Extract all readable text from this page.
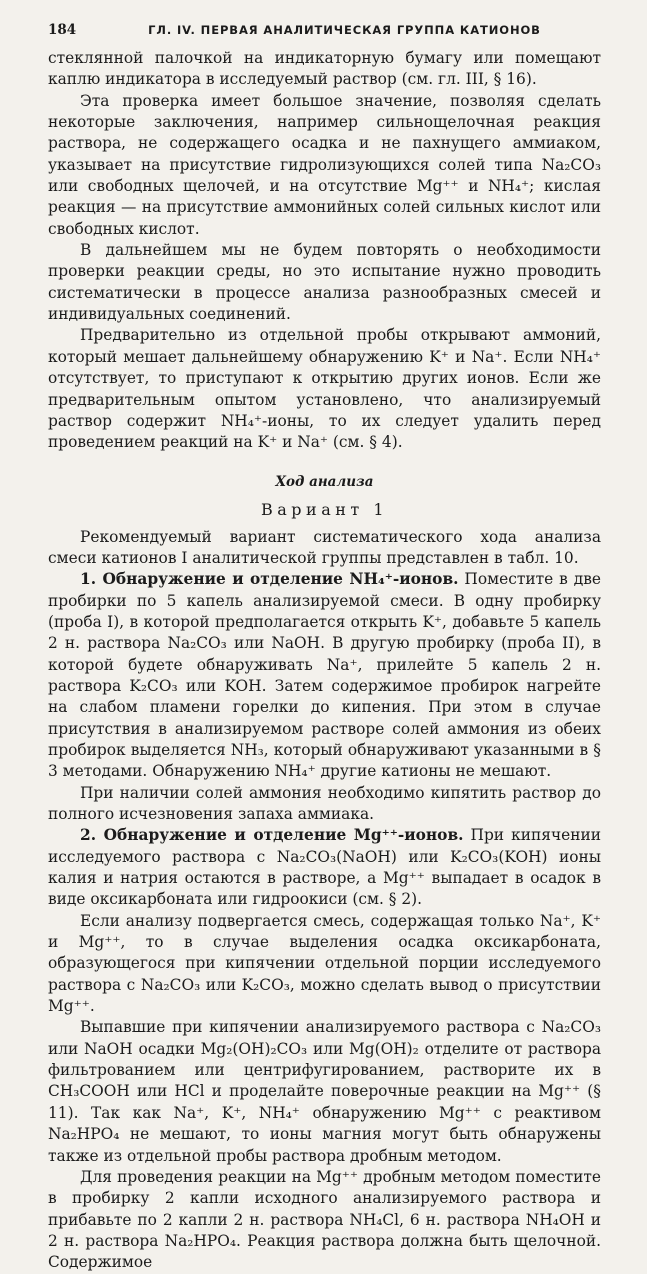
184	ГЛ. IV. ПЕРВАЯ АНАЛИТИЧЕСКАЯ ГРУППА КАТИОНОВ

стеклянной палочкой на индикаторную бумагу или помещают каплю индикатора в исследуемый раствор (см. гл. III, § 16).

Эта проверка имеет большое значение, позволяя сделать некоторые заключения, например сильнощелочная реакция раствора, не содержащего осадка и не пахнущего аммиаком, указывает на присутствие гидролизующихся солей типа Na₂CO₃ или свободных щелочей, и на отсутствие Mg⁺⁺ и NH₄⁺; кислая реакция — на присутствие аммонийных солей сильных кислот или свободных кислот.

В дальнейшем мы не будем повторять о необходимости проверки реакции среды, но это испытание нужно проводить систематически в процессе анализа разнообразных смесей и индивидуальных соединений.

Предварительно из отдельной пробы открывают аммоний, который мешает дальнейшему обнаружению K⁺ и Na⁺. Если NH₄⁺ отсутствует, то приступают к открытию других ионов. Если же предварительным опытом установлено, что анализируемый раствор содержит NH₄⁺-ионы, то их следует удалить перед проведением реакций на K⁺ и Na⁺ (см. § 4).

Ход анализа
Вариант 1

Рекомендуемый вариант систематического хода анализа смеси катионов I аналитической группы представлен в табл. 10.

1. Обнаружение и отделение NH₄⁺-ионов. Поместите в две пробирки по 5 капель анализируемой смеси. В одну пробирку (проба I), в которой предполагается открыть K⁺, добавьте 5 капель 2 н. раствора Na₂CO₃ или NaOH. В другую пробирку (проба II), в которой будете обнаруживать Na⁺, прилейте 5 капель 2 н. раствора K₂CO₃ или KOH. Затем содержимое пробирок нагрейте на слабом пламени горелки до кипения. При этом в случае присутствия в анализируемом растворе солей аммония из обеих пробирок выделяется NH₃, который обнаруживают указанными в § 3 методами. Обнаружению NH₄⁺ другие катионы не мешают.

При наличии солей аммония необходимо кипятить раствор до полного исчезновения запаха аммиака.

2. Обнаружение и отделение Mg⁺⁺-ионов. При кипячении исследуемого раствора с Na₂CO₃(NaOH) или K₂CO₃(KOH) ионы калия и натрия остаются в растворе, а Mg⁺⁺ выпадает в осадок в виде оксикарбоната или гидроокиси (см. § 2).

Если анализу подвергается смесь, содержащая только Na⁺, K⁺ и Mg⁺⁺, то в случае выделения осадка оксикарбоната, образующегося при кипячении отдельной порции исследуемого раствора с Na₂CO₃ или K₂CO₃, можно сделать вывод о присутствии Mg⁺⁺.

Выпавшие при кипячении анализируемого раствора с Na₂CO₃ или NaOH осадки Mg₂(OH)₂CO₃ или Mg(OH)₂ отделите от раствора фильтрованием или центрифугированием, растворите их в CH₃COOH или HCl и проделайте поверочные реакции на Mg⁺⁺ (§ 11). Так как Na⁺, K⁺, NH₄⁺ обнаружению Mg⁺⁺ с реактивом Na₂HPO₄ не мешают, то ионы магния могут быть обнаружены также из отдельной пробы раствора дробным методом.

Для проведения реакции на Mg⁺⁺ дробным методом поместите в пробирку 2 капли исходного анализируемого раствора и прибавьте по 2 капли 2 н. раствора NH₄Cl, 6 н. раствора NH₄OH и 2 н. раствора Na₂HPO₄. Реакция раствора должна быть щелочной. Содержимое
